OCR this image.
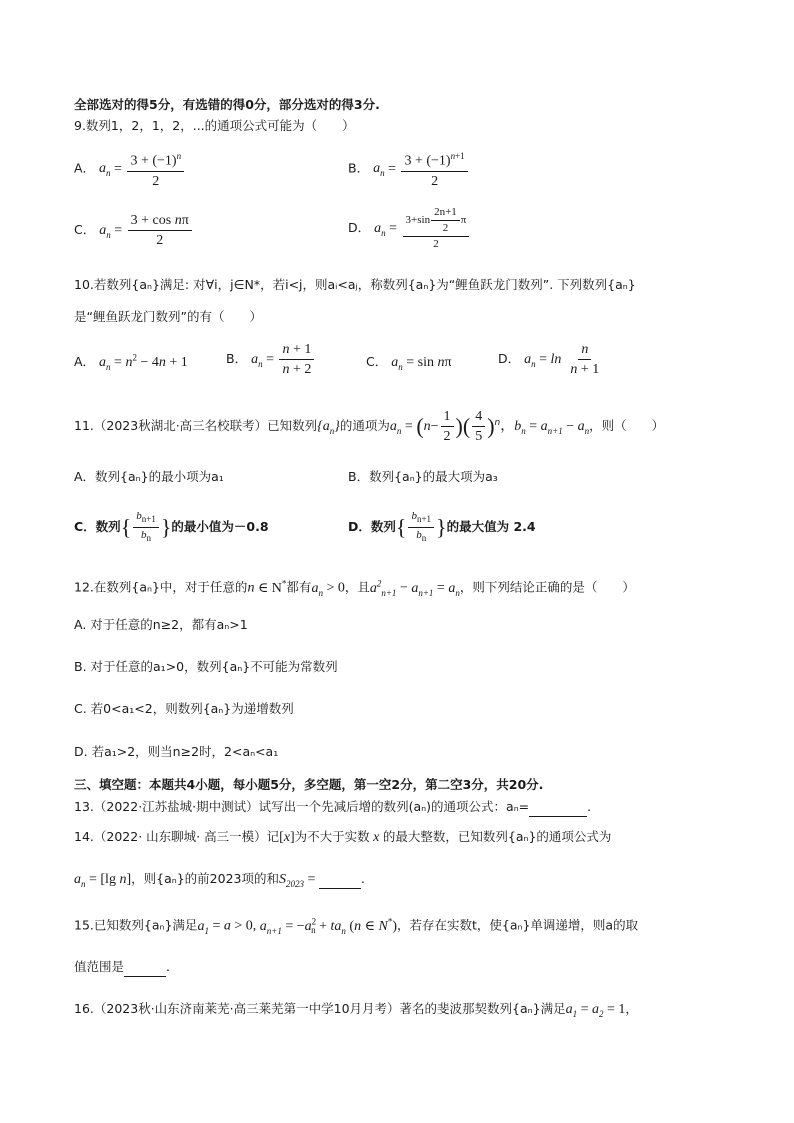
全部选对的得5分，有选错的得0分，部分选对的得3分.
9.数列1，2，1，2，...的通项公式可能为（　　）
A． $a_n = \frac{3 + (-1)^n}{2}$	B． $a_n = \frac{3 + (-1)^{n+1}}{2}$
C． $a_n = \frac{\text{3 + cos nπ}}{2}$	D． $a_n = \frac{3+\sin \frac{2n+1}{2} \pi}{2}$
10.若数列{aₙ}满足: 对∀i，j∈N*，若i<j，则aᵢ<aⱼ，称数列{aₙ}为“鲤鱼跃龙门数列”. 下列数列{aₙ}
是“鲤鱼跃龙门数列”的有（　　）
A． $a_n = n^2 - 4n + 1$	B． $a_n = \frac{n + 1}{n + 2}$	C． $a_n = \sin n\pi$	D． $a_n = \ln \frac{n}{n + 1}$
11.（2023秋湖北·高三名校联考）已知数列$\{a_n\}$的通项为$a_n = (n- \frac{1}{2}$ )( $\frac{4}{5} )^n$，$b_n = a_{n+1} - a_n$，则（　　）
A．数列{aₙ}的最小项为a₁	B．数列{aₙ}的最大项为a₃
C．数列{ $\frac{b_{n+1}}{b_n}$ }的最小值为－0.8	D．数列{ $\frac{b_{n+1}}{b_n}$ }的最大值为 2.4
12.在数列{aₙ}中，对于任意的n ∈ N*都有$a_n > 0$，且$a^2_{n+1} - a_{n+1} = a_n$，则下列结论正确的是（　　）
A. 对于任意的n≥2，都有aₙ>1
B. 对于任意的a₁>0，数列{aₙ}不可能为常数列
C. 若0<a₁<2，则数列{aₙ}为递增数列
D. 若a₁>2，则当n≥2时，2<aₙ<a₁
三、填空题：本题共4小题，每小题5分，多空题，第一空2分，第二空3分，共20分.
13.（2022·江苏盐城·期中测试）试写出一个先减后增的数列(aₙ)的通项公式：aₙ=	.
14.（2022· 山东聊城· 高三一模）记[x]为不大于实数 x 的最大整数，已知数列{aₙ}的通项公式为
$a_n = [\lg$ n]，则{aₙ}的前2023项的和$S_{2023}$ =	.
15.已知数列{aₙ}满足$a_1 = a > 0$, $a_{n+1} = -a^2_n + ta_n$ (n ∈ N*)，若存在实数t，使{aₙ}单调递增，则a的取
值范围是	.
16.（2023秋·山东济南莱芜·高三莱芜第一中学10月月考）著名的斐波那契数列{aₙ}满足$a_1 = a_2 = 1$，
